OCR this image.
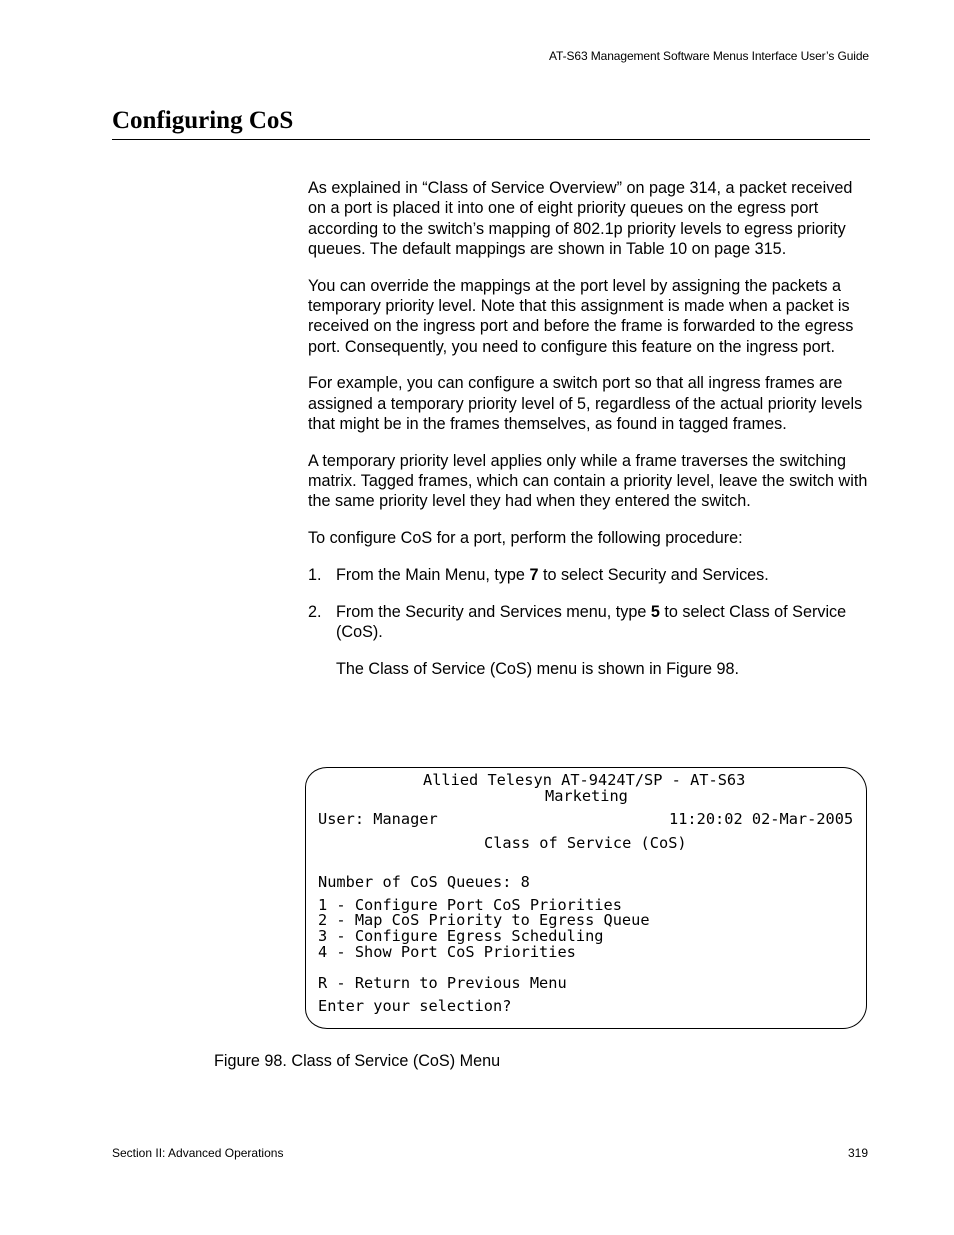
AT-S63 Management Software Menus Interface User’s Guide
Configuring CoS

As explained in “Class of Service Overview” on page 314, a packet received on a port is placed it into one of eight priority queues on the egress port according to the switch’s mapping of 802.1p priority levels to egress priority queues. The default mappings are shown in Table 10 on page 315.

You can override the mappings at the port level by assigning the packets a temporary priority level. Note that this assignment is made when a packet is received on the ingress port and before the frame is forwarded to the egress port. Consequently, you need to configure this feature on the ingress port.

For example, you can configure a switch port so that all ingress frames are assigned a temporary priority level of 5, regardless of the actual priority levels that might be in the frames themselves, as found in tagged frames.

A temporary priority level applies only while a frame traverses the switching matrix. Tagged frames, which can contain a priority level, leave the switch with the same priority level they had when they entered the switch.

To configure CoS for a port, perform the following procedure:

1. From the Main Menu, type 7 to select Security and Services.
2. From the Security and Services menu, type 5 to select Class of Service (CoS).

The Class of Service (CoS) menu is shown in Figure 98.

Allied Telesyn AT-9424T/SP - AT-S63
Marketing
User: Manager	11:20:02 02-Mar-2005
Class of Service (CoS)
Number of CoS Queues: 8
1 - Configure Port CoS Priorities
2 - Map CoS Priority to Egress Queue
3 - Configure Egress Scheduling
4 - Show Port CoS Priorities
R - Return to Previous Menu
Enter your selection?
Figure 98. Class of Service (CoS) Menu
Section II: Advanced Operations	319
